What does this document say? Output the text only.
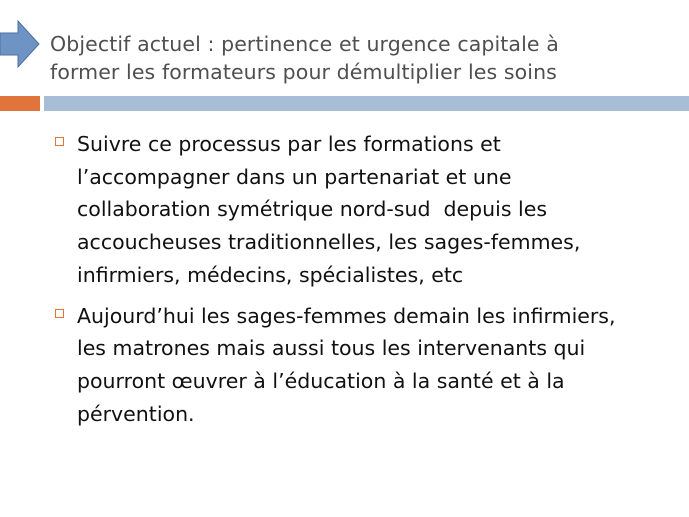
Objectif actuel : pertinence et urgence capitale à
former les formateurs pour démultiplier les soins
Suivre ce processus par les formations et
l’accompagner dans un partenariat et une
collaboration symétrique nord-sud  depuis les
accoucheuses traditionnelles, les sages-femmes,
infirmiers, médecins, spécialistes, etc
Aujourd’hui les sages-femmes demain les infirmiers,
les matrones mais aussi tous les intervenants qui
pourront œuvrer à l’éducation à la santé et à la
pérvention.
